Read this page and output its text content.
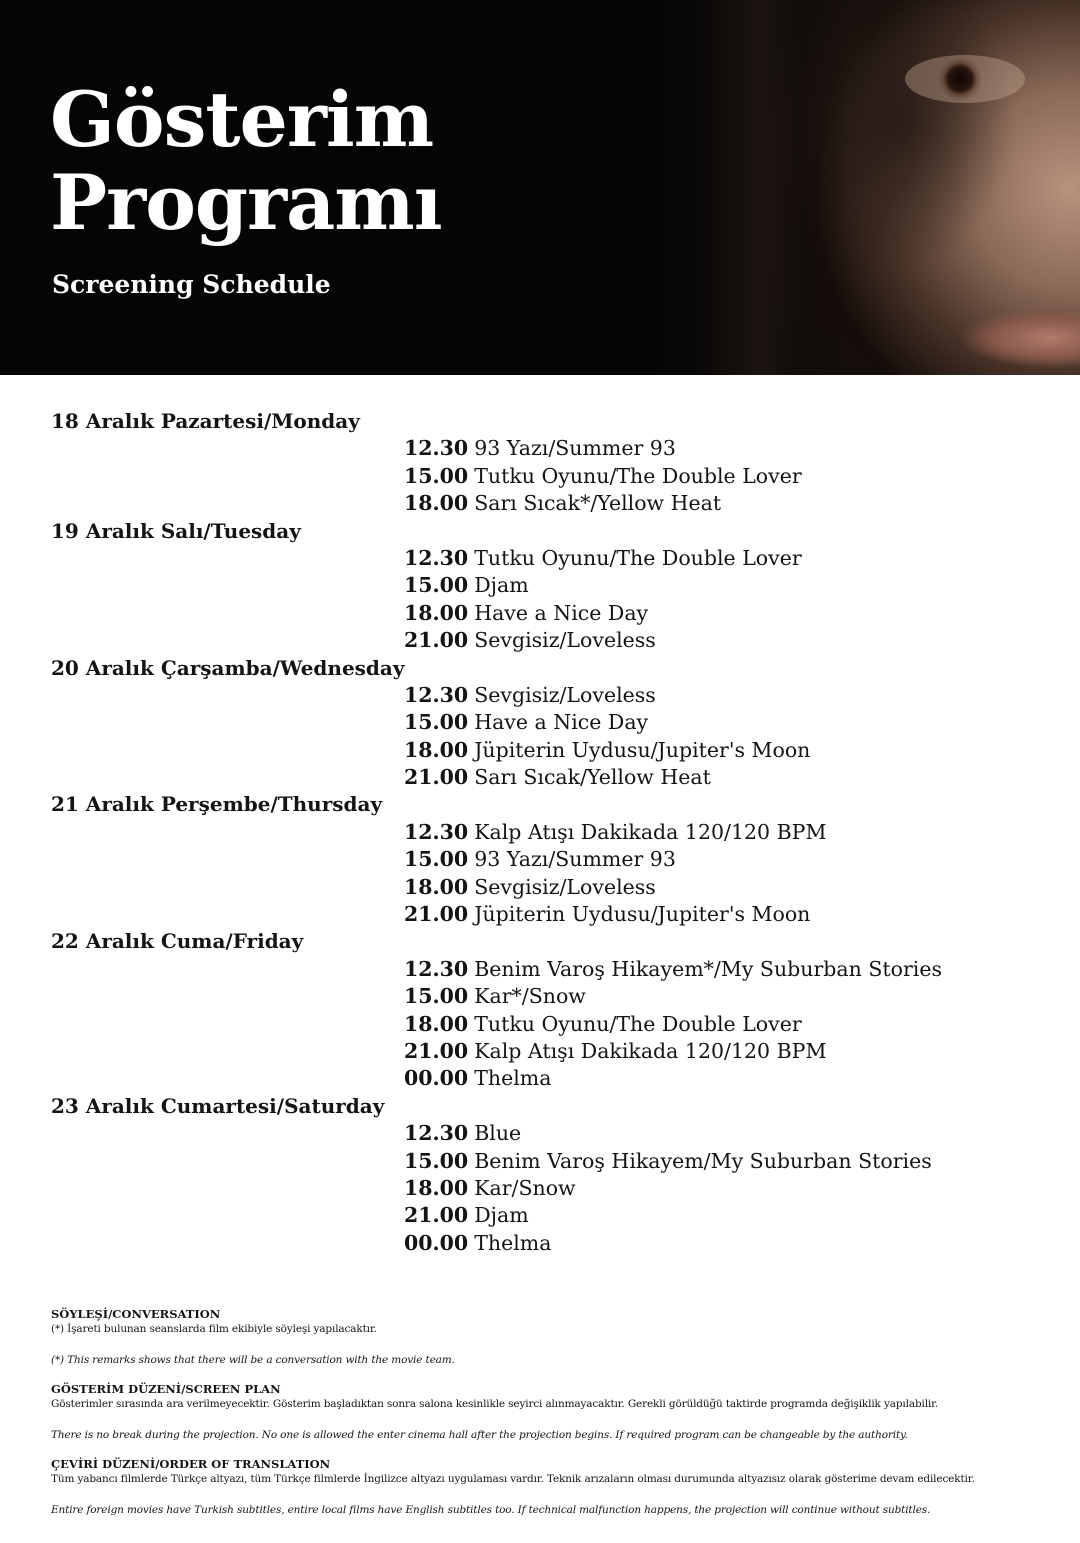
Gösterim
Programı
Screening Schedule
18 Aralık Pazartesi/Monday
12.30 93 Yazı/Summer 93
15.00 Tutku Oyunu/The Double Lover
18.00 Sarı Sıcak*/Yellow Heat
19 Aralık Salı/Tuesday
12.30 Tutku Oyunu/The Double Lover
15.00 Djam
18.00 Have a Nice Day
21.00 Sevgisiz/Loveless
20 Aralık Çarşamba/Wednesday
12.30 Sevgisiz/Loveless
15.00 Have a Nice Day
18.00 Jüpiterin Uydusu/Jupiter's Moon
21.00 Sarı Sıcak/Yellow Heat
21 Aralık Perşembe/Thursday
12.30 Kalp Atışı Dakikada 120/120 BPM
15.00 93 Yazı/Summer 93
18.00 Sevgisiz/Loveless
21.00 Jüpiterin Uydusu/Jupiter's Moon
22 Aralık Cuma/Friday
12.30 Benim Varoş Hikayem*/My Suburban Stories
15.00 Kar*/Snow
18.00 Tutku Oyunu/The Double Lover
21.00 Kalp Atışı Dakikada 120/120 BPM
00.00 Thelma
23 Aralık Cumartesi/Saturday
12.30 Blue
15.00 Benim Varoş Hikayem/My Suburban Stories
18.00 Kar/Snow
21.00 Djam
00.00 Thelma
SÖYLEŞİ/CONVERSATION
(*) İşareti bulunan seanslarda film ekibiyle söyleşi yapılacaktır.
(*) This remarks shows that there will be a conversation with the movie team.
GÖSTERİM DÜZENİ/SCREEN PLAN
Gösterimler sırasında ara verilmeyecektir. Gösterim başladıktan sonra salona kesinlikle seyirci alınmayacaktır. Gerekli görüldüğü taktirde programda değişiklik yapılabilir.
There is no break during the projection. No one is allowed the enter cinema hall after the projection begins. If required program can be changeable by the authority.
ÇEVİRİ DÜZENİ/ORDER OF TRANSLATION
Tüm yabancı filmlerde Türkçe altyazı, tüm Türkçe filmlerde İngilizce altyazı uygulaması vardır. Teknik arızaların olması durumunda altyazısız olarak gösterime devam edilecektir.
Entire foreign movies have Turkish subtitles, entire local films have English subtitles too. If technical malfunction happens, the projection will continue without subtitles.
